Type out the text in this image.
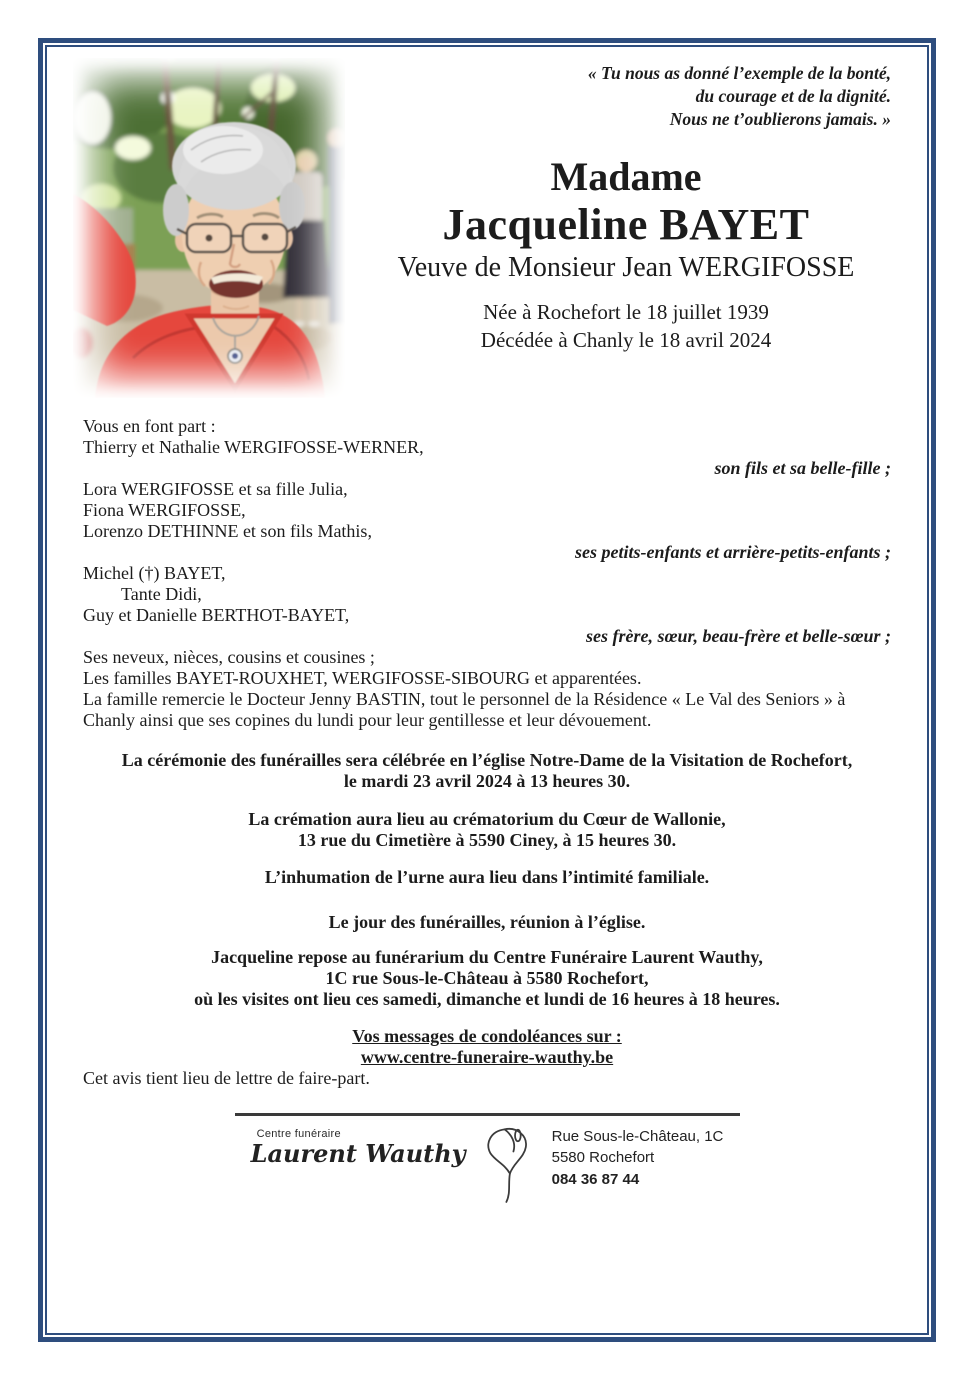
« Tu nous as donné l’exemple de la bonté,
du courage et de la dignité.
Nous ne t’oublierons jamais. »
Madame
Jacqueline BAYET
Veuve de Monsieur Jean WERGIFOSSE
Née à Rochefort le 18 juillet 1939
Décédée à Chanly le 18 avril 2024

Vous en font part :

Thierry et Nathalie WERGIFOSSE-WERNER,

son fils et sa belle-fille ;

Lora WERGIFOSSE et sa fille Julia,

Fiona WERGIFOSSE,

Lorenzo DETHINNE et son fils Mathis,

ses petits-enfants et arrière-petits-enfants ;

Michel (†) BAYET,

Tante Didi,

Guy et Danielle BERTHOT-BAYET,

ses frère, sœur, beau-frère et belle-sœur ;

Ses neveux, nièces, cousins et cousines ;

Les familles BAYET-ROUXHET, WERGIFOSSE-SIBOURG et apparentées.

La famille remercie le Docteur Jenny BASTIN, tout le personnel de la Résidence « Le Val des Seniors » à Chanly ainsi que ses copines du lundi pour leur gentillesse et leur dévouement.

La cérémonie des funérailles sera célébrée en l’église Notre-Dame de la Visitation de Rochefort,
le mardi 23 avril 2024 à 13 heures 30.
La crémation aura lieu au crématorium du Cœur de Wallonie,
13 rue du Cimetière à 5590 Ciney, à 15 heures 30.
L’inhumation de l’urne aura lieu dans l’intimité familiale.
Le jour des funérailles, réunion à l’église.
Jacqueline repose au funérarium du Centre Funéraire Laurent Wauthy,
1C rue Sous-le-Château à 5580 Rochefort,
où les visites ont lieu ces samedi, dimanche et lundi de 16 heures à 18 heures.
Vos messages de condoléances sur :
www.centre-funeraire-wauthy.be

Cet avis tient lieu de lettre de faire-part.

Centre funéraire
Laurent Wauthy
Rue Sous-le-Château, 1C
5580 Rochefort
084 36 87 44
